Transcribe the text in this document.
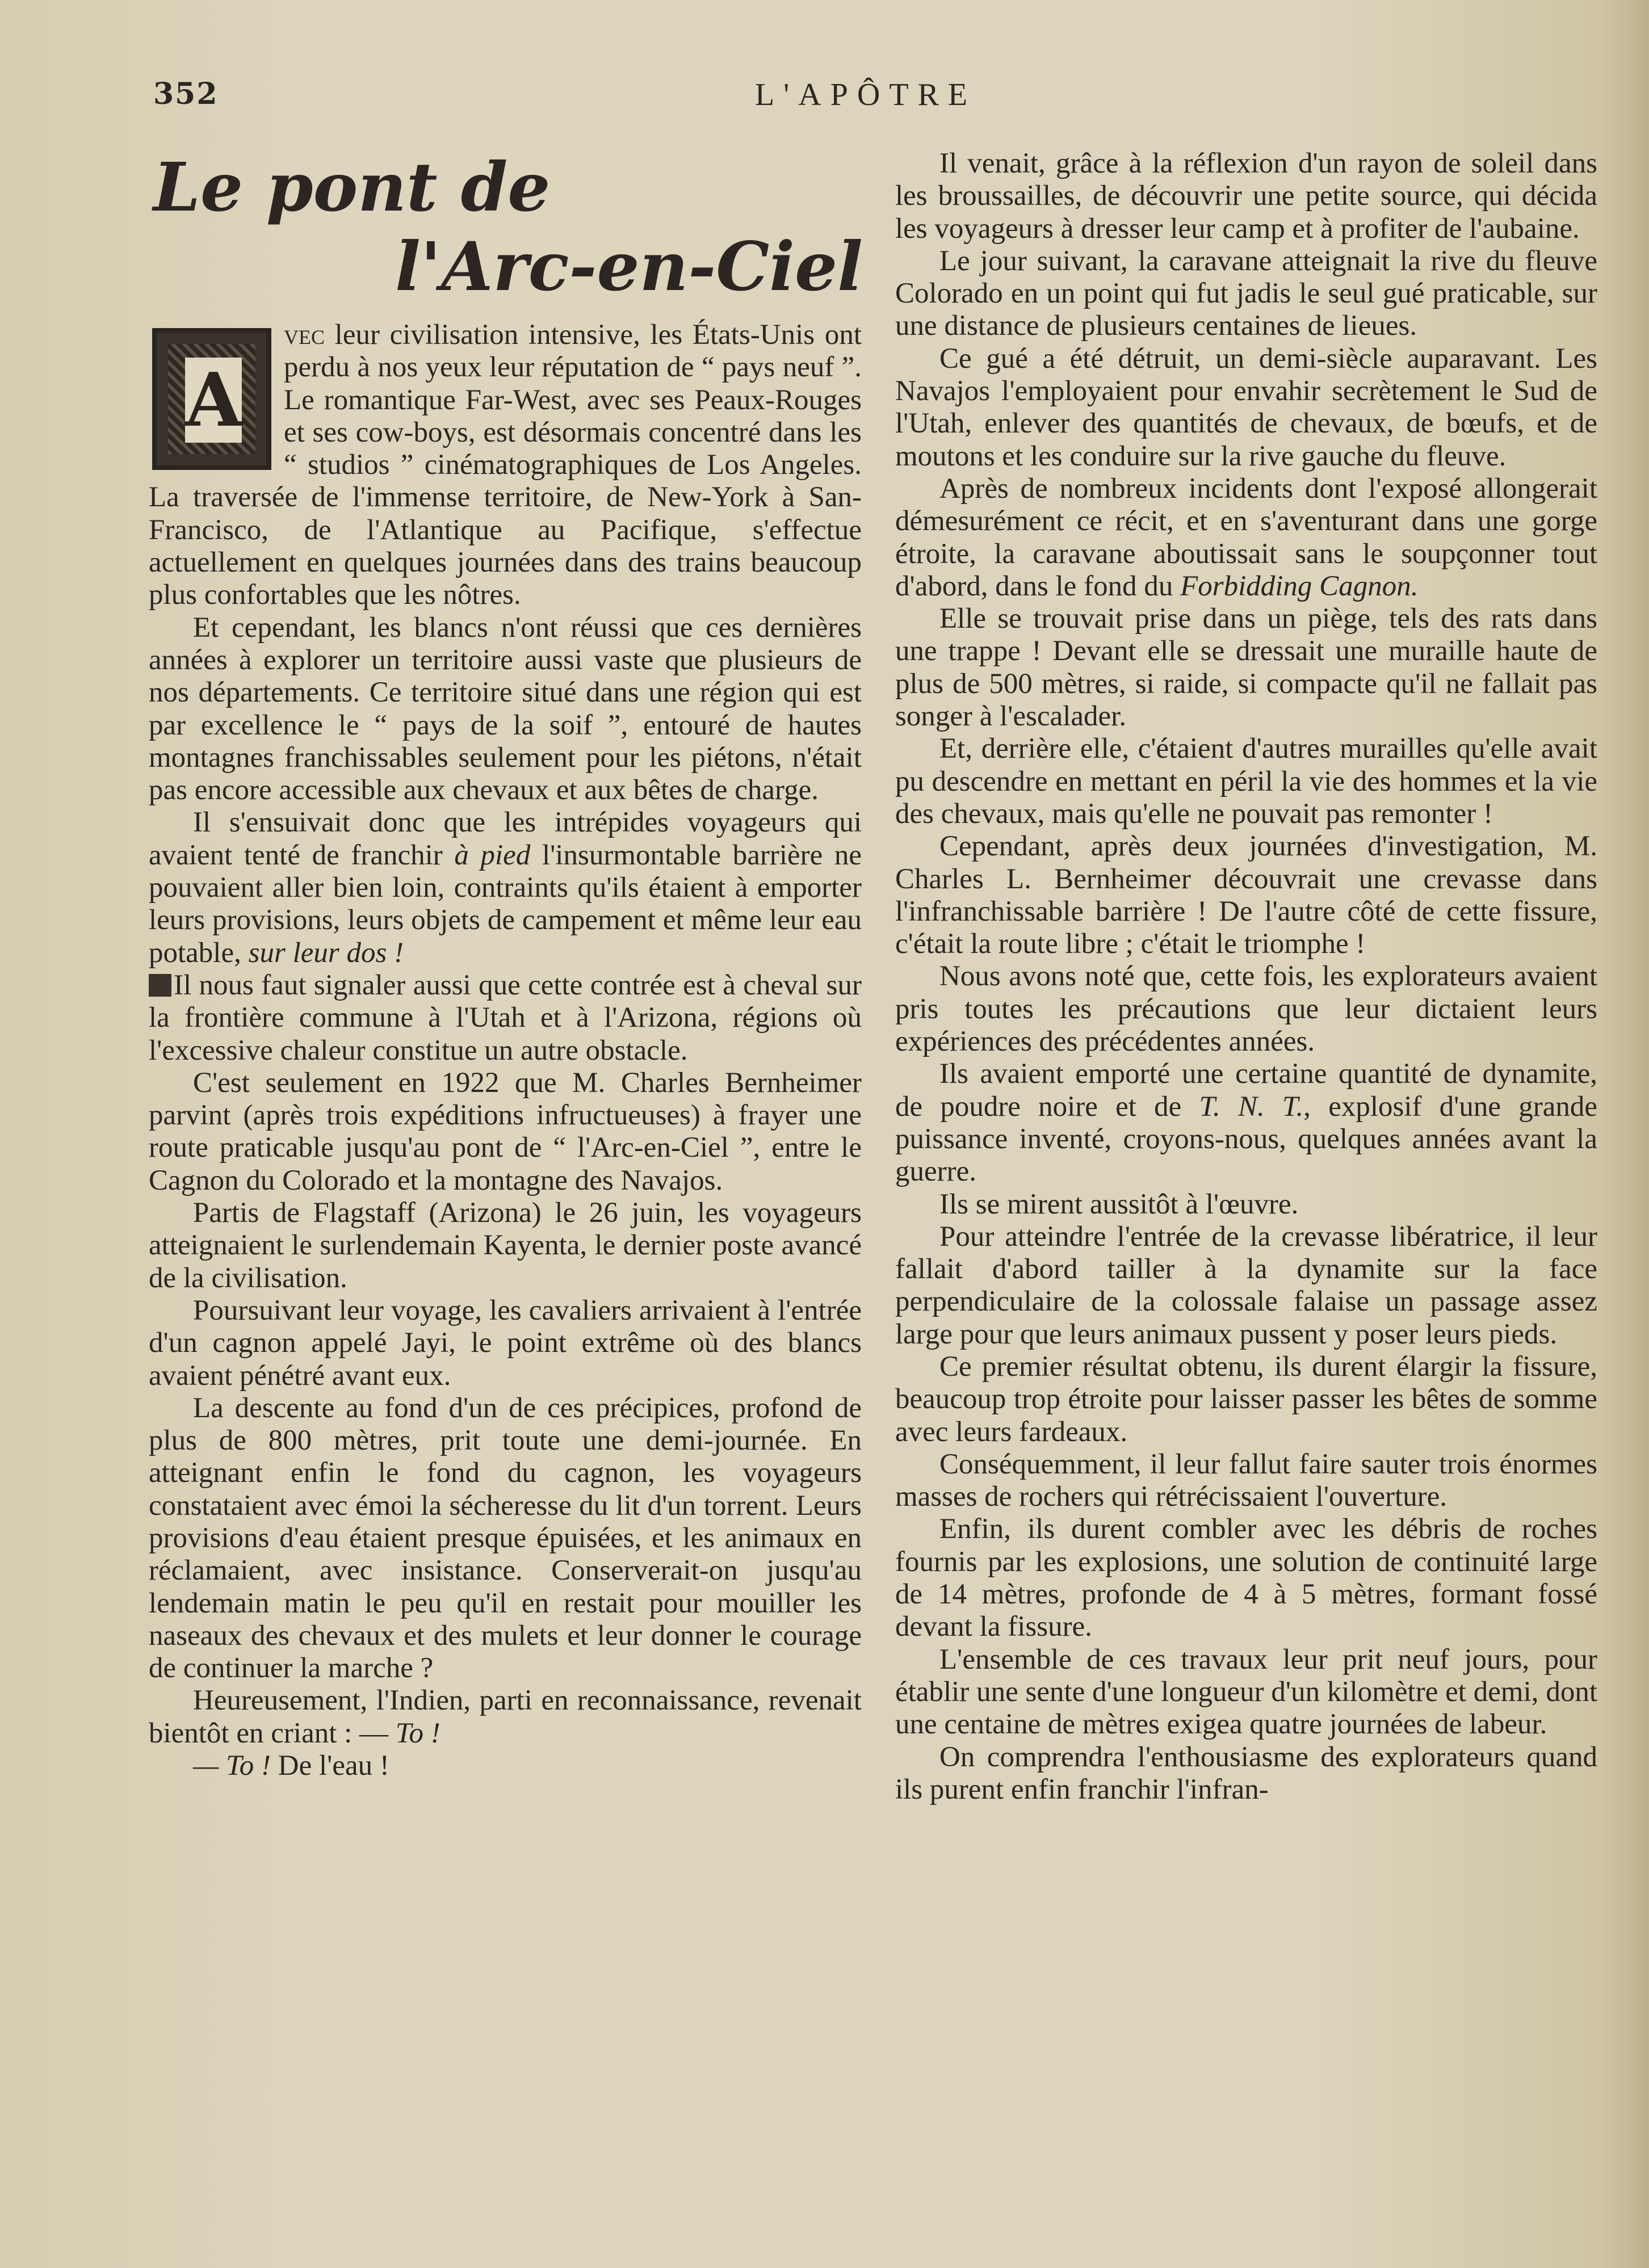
352	L'APÔTRE
Le pont de
l'Arc-en-Ciel

A
vec leur civilisation intensive, les États-Unis ont perdu à nos yeux leur réputation de “ pays neuf ”. Le romantique Far-West, avec ses Peaux-Rouges et ses cow-boys, est désormais concentré dans les “ studios ” cinématographiques de Los Angeles. La traversée de l'immense territoire, de New-York à San-Francisco, de l'Atlantique au Pacifique, s'effectue actuellement en quelques journées dans des trains beaucoup plus confortables que les nôtres.

Et cependant, les blancs n'ont réussi que ces dernières années à explorer un territoire aussi vaste que plusieurs de nos départements. Ce territoire situé dans une région qui est par excellence le “ pays de la soif ”, entouré de hautes montagnes franchissables seulement pour les piétons, n'était pas encore accessible aux chevaux et aux bêtes de charge.

Il s'ensuivait donc que les intrépides voyageurs qui avaient tenté de franchir à pied l'insurmontable barrière ne pouvaient aller bien loin, contraints qu'ils étaient à emporter leurs provisions, leurs objets de campement et même leur eau potable, sur leur dos !

Il nous faut signaler aussi que cette contrée est à cheval sur la frontière commune à l'Utah et à l'Arizona, régions où l'excessive chaleur constitue un autre obstacle.

C'est seulement en 1922 que M. Charles Bernheimer parvint (après trois expéditions infructueuses) à frayer une route praticable jusqu'au pont de “ l'Arc-en-Ciel ”, entre le Cagnon du Colorado et la montagne des Navajos.

Partis de Flagstaff (Arizona) le 26 juin, les voyageurs atteignaient le surlendemain Kayenta, le dernier poste avancé de la civilisation.

Poursuivant leur voyage, les cavaliers arrivaient à l'entrée d'un cagnon appelé Jayi, le point extrême où des blancs avaient pénétré avant eux.

La descente au fond d'un de ces précipices, profond de plus de 800 mètres, prit toute une demi-journée. En atteignant enfin le fond du cagnon, les voyageurs constataient avec émoi la sécheresse du lit d'un torrent. Leurs provisions d'eau étaient presque épuisées, et les animaux en réclamaient, avec insistance. Conserverait-on jusqu'au lendemain matin le peu qu'il en restait pour mouiller les naseaux des chevaux et des mulets et leur donner le courage de continuer la marche ?

Heureusement, l'Indien, parti en reconnaissance, revenait bientôt en criant : — To !

— To ! De l'eau !

Il venait, grâce à la réflexion d'un rayon de soleil dans les broussailles, de découvrir une petite source, qui décida les voyageurs à dresser leur camp et à profiter de l'aubaine.

Le jour suivant, la caravane atteignait la rive du fleuve Colorado en un point qui fut jadis le seul gué praticable, sur une distance de plusieurs centaines de lieues.

Ce gué a été détruit, un demi-siècle auparavant. Les Navajos l'employaient pour envahir secrètement le Sud de l'Utah, enlever des quantités de chevaux, de bœufs, et de moutons et les conduire sur la rive gauche du fleuve.

Après de nombreux incidents dont l'exposé allongerait démesurément ce récit, et en s'aventurant dans une gorge étroite, la caravane aboutissait sans le soupçonner tout d'abord, dans le fond du Forbidding Cagnon.

Elle se trouvait prise dans un piège, tels des rats dans une trappe ! Devant elle se dressait une muraille haute de plus de 500 mètres, si raide, si compacte qu'il ne fallait pas songer à l'escalader.

Et, derrière elle, c'étaient d'autres murailles qu'elle avait pu descendre en mettant en péril la vie des hommes et la vie des chevaux, mais qu'elle ne pouvait pas remonter !

Cependant, après deux journées d'investigation, M. Charles L. Bernheimer découvrait une crevasse dans l'infranchissable barrière ! De l'autre côté de cette fissure, c'était la route libre ; c'était le triomphe !

Nous avons noté que, cette fois, les explorateurs avaient pris toutes les précautions que leur dictaient leurs expériences des précédentes années.

Ils avaient emporté une certaine quantité de dynamite, de poudre noire et de T. N. T., explosif d'une grande puissance inventé, croyons-nous, quelques années avant la guerre.

Ils se mirent aussitôt à l'œuvre.

Pour atteindre l'entrée de la crevasse libératrice, il leur fallait d'abord tailler à la dynamite sur la face perpendiculaire de la colossale falaise un passage assez large pour que leurs animaux pussent y poser leurs pieds.

Ce premier résultat obtenu, ils durent élargir la fissure, beaucoup trop étroite pour laisser passer les bêtes de somme avec leurs fardeaux.

Conséquemment, il leur fallut faire sauter trois énormes masses de rochers qui rétrécissaient l'ouverture.

Enfin, ils durent combler avec les débris de roches fournis par les explosions, une solution de continuité large de 14 mètres, profonde de 4 à 5 mètres, formant fossé devant la fissure.

L'ensemble de ces travaux leur prit neuf jours, pour établir une sente d'une longueur d'un kilomètre et demi, dont une centaine de mètres exigea quatre journées de labeur.

On comprendra l'enthousiasme des explorateurs quand ils purent enfin franchir l'infran-
